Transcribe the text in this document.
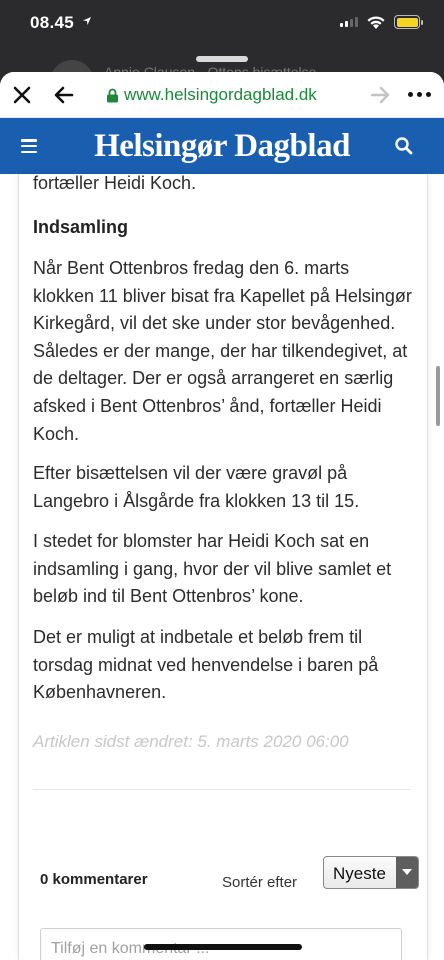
08.45
www.helsingordagblad.dk
Helsingør Dagblad
fortæller Heidi Koch.
Indsamling

Når Bent Ottenbros fredag den 6. marts klokken 11 bliver bisat fra Kapellet på Helsingør Kirkegård, vil det ske under stor bevågenhed. Således er der mange, der har tilkendegivet, at de deltager. Der er også arrangeret en særlig afsked i Bent Ottenbros’ ånd, fortæller Heidi Koch.

Efter bisættelsen vil der være gravøl på Langebro i Ålsgårde fra klokken 13 til 15.

I stedet for blomster har Heidi Koch sat en indsamling i gang, hvor der vil blive samlet et beløb ind til Bent Ottenbros’ kone.

Det er muligt at indbetale et beløb frem til torsdag midnat ved henvendelse i baren på Københavneren.

Artiklen sidst ændret: 5. marts 2020 06:00
0 kommentarer	Sortér efter Nyeste
Tilføj en kommentar ...
